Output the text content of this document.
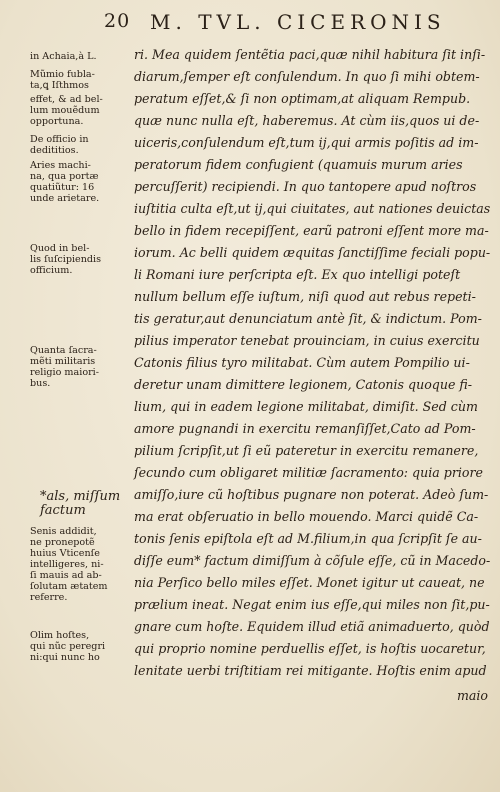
20 M. TVL. CICERONIS
in Achaia,à L.
Mũmio fubla-
ta,ꝗ Iſthmos
effet, & ad bel-
lum mouẽdum
opportuna.
De officio in
dedititios.
Aries machi-
na, qua portæ
quatiũtur: 16
unde arietare.
Quod in bel-
lis ſuſcipiendis
officium.
Quanta ſacra-
mẽti militaris
religio maiori-
bus.
*als, miſſum
factum
Senis addidit,
ne pronepotẽ
huius Vticenſe
intelligeres, ni-
ſi mauis ad ab-
ſolutam ætatem
referre.
Olim hoſtes,
qui nũc peregri
ni:qui nunc ho
ri. Mea quidem ſentẽtia paci,quæ nihil habitura ſit inſi-
diarum,ſemper eſt conſulendum. In quo ſi mihi obtem-
peratum eſſet,& ſi non optimam,at aliquam Rempub.
quæ nunc nulla eſt, haberemus. At cùm iis,quos ui de-
uiceris,conſulendum eſt,tum ij,qui armis poſitis ad im-
peratorum fidem confugient (quamuis murum aries
percuſſerit) recipiendi. In quo tantopere apud noſtros
iuſtitia culta eſt,ut ij,qui ciuitates, aut nationes deuictas
bello in fidem recepiſſent, earũ patroni eſſent more ma-
iorum. Ac belli quidem æquitas ſanctiſſime feciali popu-
li Romani iure perſcripta eſt. Ex quo intelligi poteſt
nullum bellum eſſe iuſtum, niſi quod aut rebus repeti-
tis geratur,aut denunciatum antè ſit, & indictum. Pom-
pilius imperator tenebat prouinciam, in cuius exercitu
Catonis filius tyro militabat. Cùm autem Pompilio ui-
deretur unam dimittere legionem, Catonis quoque fi-
lium, qui in eadem legione militabat, dimiſit. Sed cùm
amore pugnandi in exercitu remanſiſſet,Cato ad Pom-
pilium ſcripſit,ut ſi eũ pateretur in exercitu remanere,
ſecundo cum obligaret militiæ ſacramento: quia priore
amiſſo,iure cũ hoſtibus pugnare non poterat. Adeò ſum-
ma erat obſeruatio in bello mouendo. Marci quidẽ Ca-
tonis ſenis epiſtola eſt ad M.filium,in qua ſcripſit ſe au-
diſſe eum* factum dimiſſum à cõſule eſſe, cũ in Macedo-
nia Perſico bello miles eſſet. Monet igitur ut caueat, ne
prælium ineat. Negat enim ius eſſe,qui miles non ſit,pu-
gnare cum hoſte. Equidem illud etiã animaduerto, quòd
qui proprio nomine perduellis eſſet, is hoſtis uocaretur,
lenitate uerbi triſtitiam rei mitigante. Hoſtis enim apud
maio
